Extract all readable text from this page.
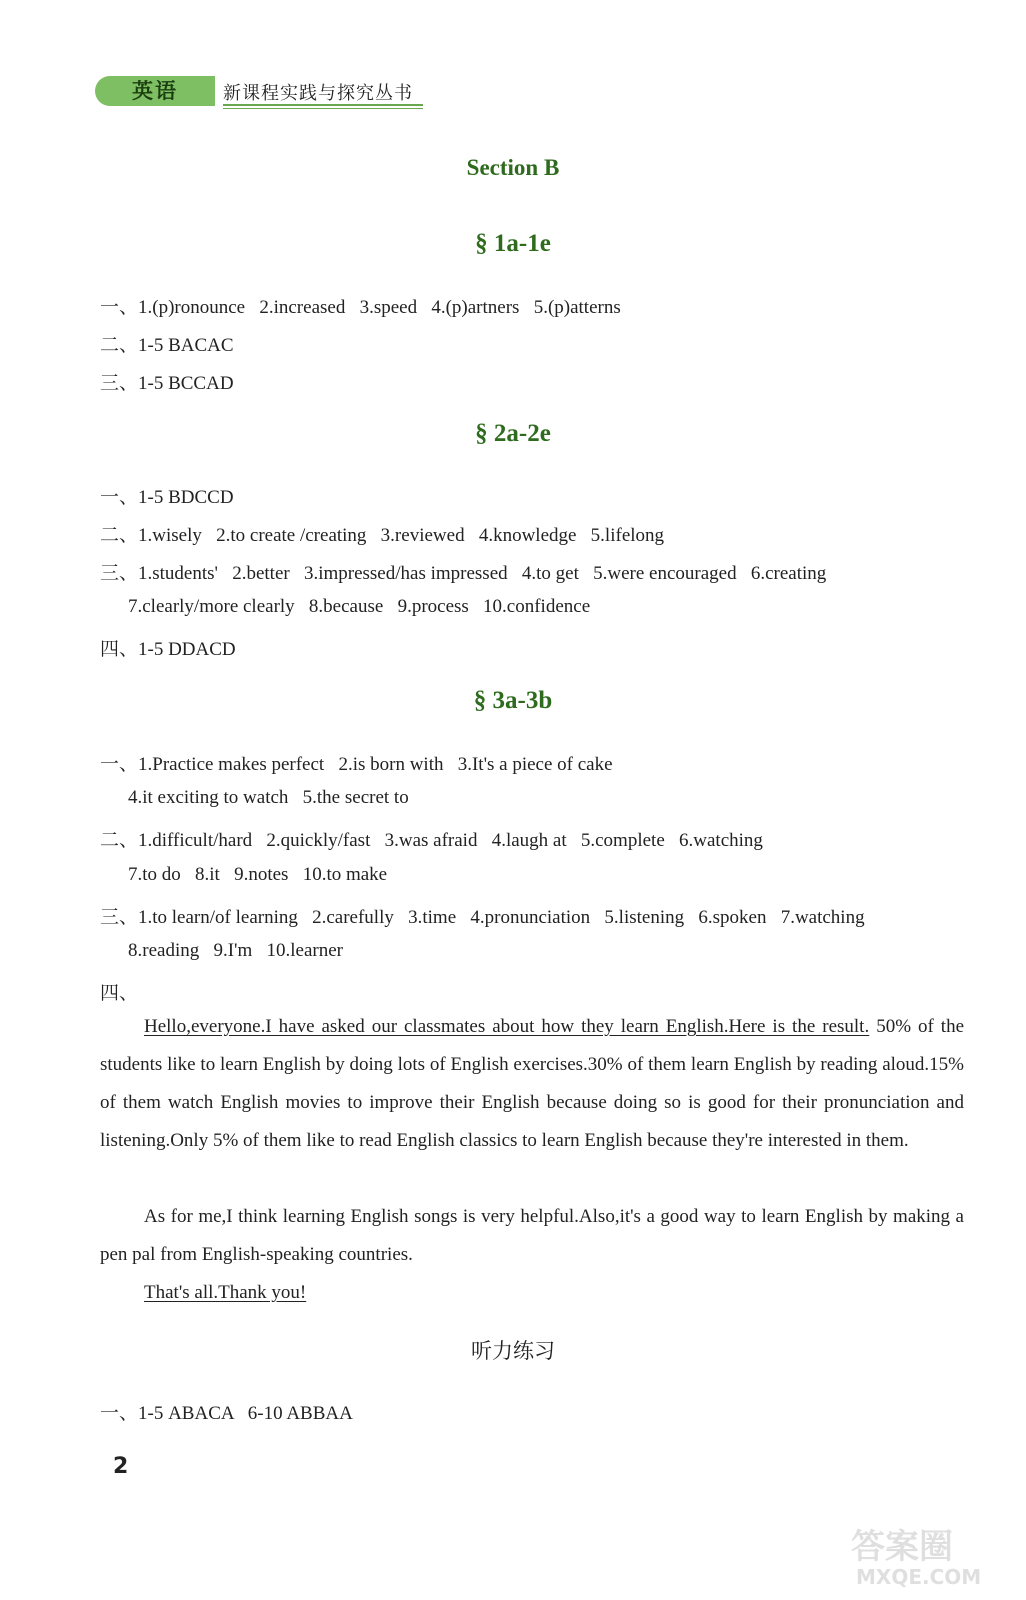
英语	新课程实践与探究丛书
Section B
§ 1a-1e
一、1.(p)ronounce   2.increased   3.speed   4.(p)artners   5.(p)atterns
二、1-5 BACAC
三、1-5 BCCAD
§ 2a-2e
一、1-5 BDCCD
二、1.wisely   2.to create /creating   3.reviewed   4.knowledge   5.lifelong
三、1.students'   2.better   3.impressed/has impressed   4.to get   5.were encouraged   6.creating
7.clearly/more clearly   8.because   9.process   10.confidence
四、1-5 DDACD
§ 3a-3b
一、1.Practice makes perfect   2.is born with   3.It's a piece of cake
4.it exciting to watch   5.the secret to
二、1.difficult/hard   2.quickly/fast   3.was afraid   4.laugh at   5.complete   6.watching
7.to do   8.it   9.notes   10.to make
三、1.to learn/of learning   2.carefully   3.time   4.pronunciation   5.listening   6.spoken   7.watching
8.reading   9.I'm   10.learner
四、
Hello,everyone.I have asked our classmates about how they learn English.Here is the result. 50% of the students like to learn English by doing lots of English exercises.30% of them learn English by reading aloud.15% of them watch English movies to improve their English because doing so is good for their pronunciation and listening.Only 5% of them like to read English classics to learn English because they're interested in them.
As for me,I think learning English songs is very helpful.Also,it's a good way to learn English by making a pen pal from English-speaking countries.
That's all.Thank you!
听力练习
一、1-5 ABACA   6-10 ABBAA
2
答案圈
MXQE.COM
